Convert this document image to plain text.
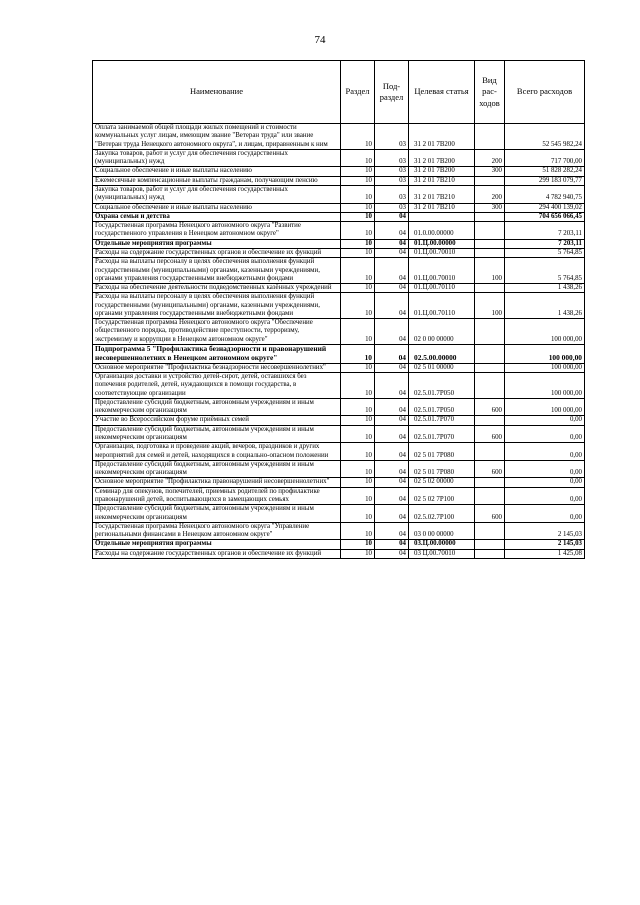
74
Наименование	Раздел	Под- раздел	Целевая статья	Вид рас- ходов	Всего расходов
Оплата занимаемой общей площади жилых помещений и стоимости коммунальных услуг лицам, имеющим звание "Ветеран труда" или звание "Ветеран труда Ненецкого автономного округа", и лицам, приравненным к ним	10	03	31 2 01 7В200		52 545 982,24
Закупка товаров, работ и услуг для обеспечения государственных (муниципальных) нужд	10	03	31 2 01 7В200	200	717 700,00
Социальное обеспечение и иные выплаты населению	10	03	31 2 01 7В200	300	51 828 282,24
Ежемесячные компенсационные выплаты гражданам, получающим пенсию	10	03	31 2 01 7В210		299 183 079,77
Закупка товаров, работ и услуг для обеспечения государственных (муниципальных) нужд	10	03	31 2 01 7В210	200	4 782 940,75
Социальное обеспечение и иные выплаты населению	10	03	31 2 01 7В210	300	294 400 139,02
Охрана семьи и детства	10	04			704 656 066,45
Государственная программа Ненецкого автономного округа "Развитие государственного управления в Ненецком автономном округе"	10	04	01.0.00.00000		7 203,11
Отдельные мероприятия программы	10	04	01.Ц.00.00000		7 203,11
Расходы на содержание государственных органов и обеспечение их функций	10	04	01.Ц.00.70010		5 764,85
Расходы на выплаты персоналу в целях обеспечения выполнения функций государственными (муниципальными) органами, казенными учреждениями, органами управления государственными внебюджетными фондами	10	04	01.Ц.00.70010	100	5 764,85
Расходы на обеспечение деятельности подведомственных казённых учреждений	10	04	01.Ц.00.70110		1 438,26
Расходы на выплаты персоналу в целях обеспечения выполнения функций государственными (муниципальными) органами, казенными учреждениями, органами управления государственными внебюджетными фондами	10	04	01.Ц.00.70110	100	1 438,26
Государственная программа Ненецкого автономного округа "Обеспечение общественного порядка, противодействие преступности, терроризму, экстремизму и коррупции в Ненецком автономном округе"	10	04	02 0 00 00000		100 000,00
Подпрограмма 5 "Профилактика безнадзорности и правонарушений несовершеннолетних в Ненецком автономном округе"	10	04	02.5.00.00000		100 000,00
Основное мероприятие "Профилактика безнадзорности несовершеннолетних"	10	04	02 5 01 00000		100 000,00
Организация доставки и устройство детей-сирот, детей, оставшихся без попечения родителей, детей, нуждающихся в помощи государства, в соответствующие организации	10	04	02.5.01.7Р050		100 000,00
Предоставление субсидий бюджетным, автономным учреждениям и иным некоммерческим организациям	10	04	02.5.01.7Р050	600	100 000,00
Участие во Всероссийском форуме приёмных семей	10	04	02.5.01.7Р070		0,00
Предоставление субсидий бюджетным, автономным учреждениям и иным некоммерческим организациям	10	04	02.5.01.7Р070	600	0,00
Организация, подготовка и проведение акций, вечеров, праздников и других мероприятий для семей и детей, находящихся в социально-опасном положении	10	04	02 5 01 7Р080		0,00
Предоставление субсидий бюджетным, автономным учреждениям и иным некоммерческим организациям	10	04	02 5 01 7Р080	600	0,00
Основное мероприятие "Профилактика правонарушений несовершеннолетних"	10	04	02 5 02 00000		0,00
Семинар для опекунов, попечителей, приемных родителей по профилактике правонарушений детей, воспитывающихся в замещающих семьях	10	04	02 5 02 7Р100		0,00
Предоставление субсидий бюджетным, автономным учреждениям и иным некоммерческим организациям	10	04	02.5.02.7Р100	600	0,00
Государственная программа Ненецкого автономного округа "Управление региональными финансами в Ненецком автономном округе"	10	04	03 0 00 00000		2 145,03
Отдельные мероприятия программы	10	04	03.Ц.00.00000		2 145,03
Расходы на содержание государственных органов и обеспечение их функций	10	04	03 Ц.00.70010		1 425,08
